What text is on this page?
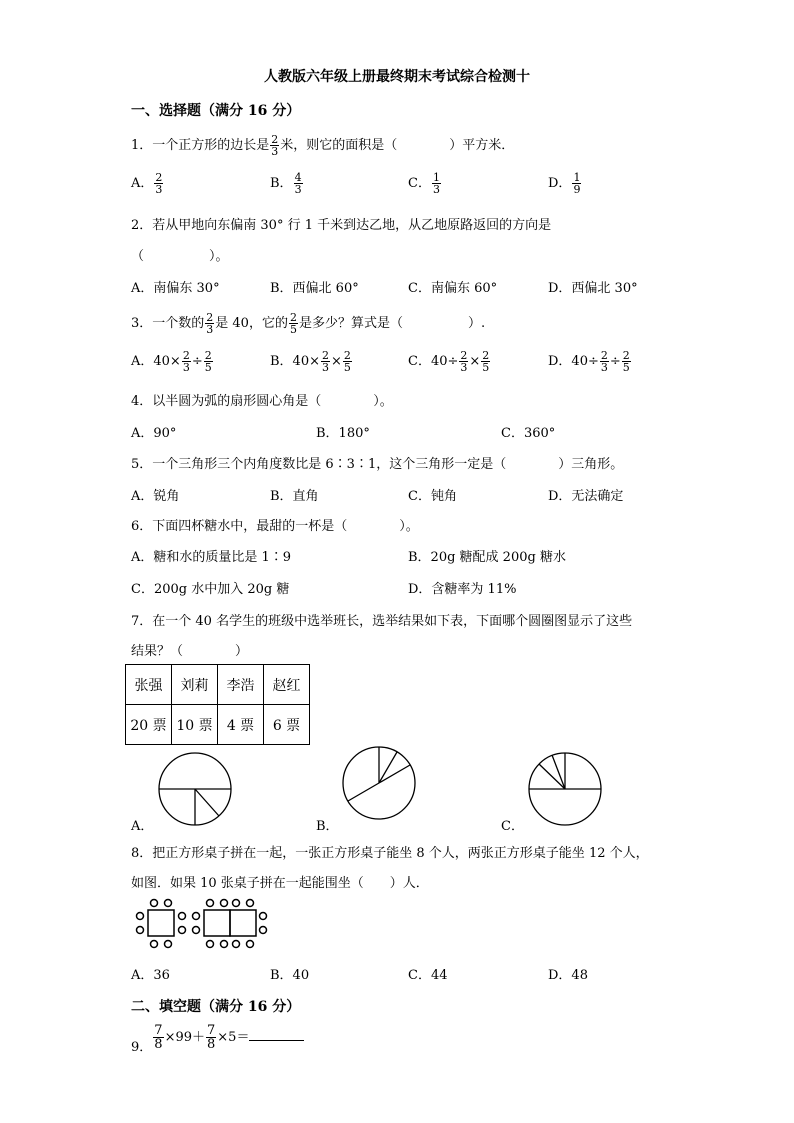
人教版六年级上册最终期末考试综合检测十
一、选择题（满分 16 分）
1．一个正方形的边长是 $\frac{2}{3}$ 米，则它的面积是（　　　　）平方米．
A． $\frac{2}{3}$	B． $\frac{4}{3}$	C． $\frac{1}{3}$	D． $\frac{1}{9}$
2．若从甲地向东偏南 30° 行 1 千米到达乙地，从乙地原路返回的方向是
（　　　　　）。
A．南偏东 30°	B．西偏北 60°	C．南偏东 60°	D．西偏北 30°
3．一个数的 $\frac{2}{3}$ 是 40，它的 $\frac{2}{5}$ 是多少？算式是（　　　　　）.
A．$40\times \frac{2}{3} \div \frac{2}{5}$	B．$40\times \frac{2}{3} \times \frac{2}{5}$	C．$40\div \frac{2}{3} \times \frac{2}{5}$	D．$40\div \frac{2}{3} \div \frac{2}{5}$
4．以半圆为弧的扇形圆心角是（　　　　）。
A．90°	B．180°	C．360°
5．一个三角形三个内角度数比是 6∶3∶1，这个三角形一定是（　　　　）三角形。
A．锐角	B．直角	C．钝角	D．无法确定
6．下面四杯糖水中，最甜的一杯是（　　　　）。
A．糖和水的质量比是 1∶9	B．20g 糖配成 200g 糖水
C．200g 水中加入 20g 糖	D．含糖率为 11%
7．在一个 40 名学生的班级中选举班长，选举结果如下表，下面哪个圆圈图显示了这些
结果？（　　　　）
张强	刘莉	李浩	赵红
20 票	10 票	4 票	6 票
A．	B．	C．
8．把正方形桌子拼在一起，一张正方形桌子能坐 8 个人，两张正方形桌子能坐 12 个人，
如图．如果 10 张桌子拼在一起能围坐（　　）人．
A．36	B．40	C．44	D．48
二、填空题（满分 16 分）
9． $\frac{7}{8} \times 99+ \frac{7}{8} \times 5=$
